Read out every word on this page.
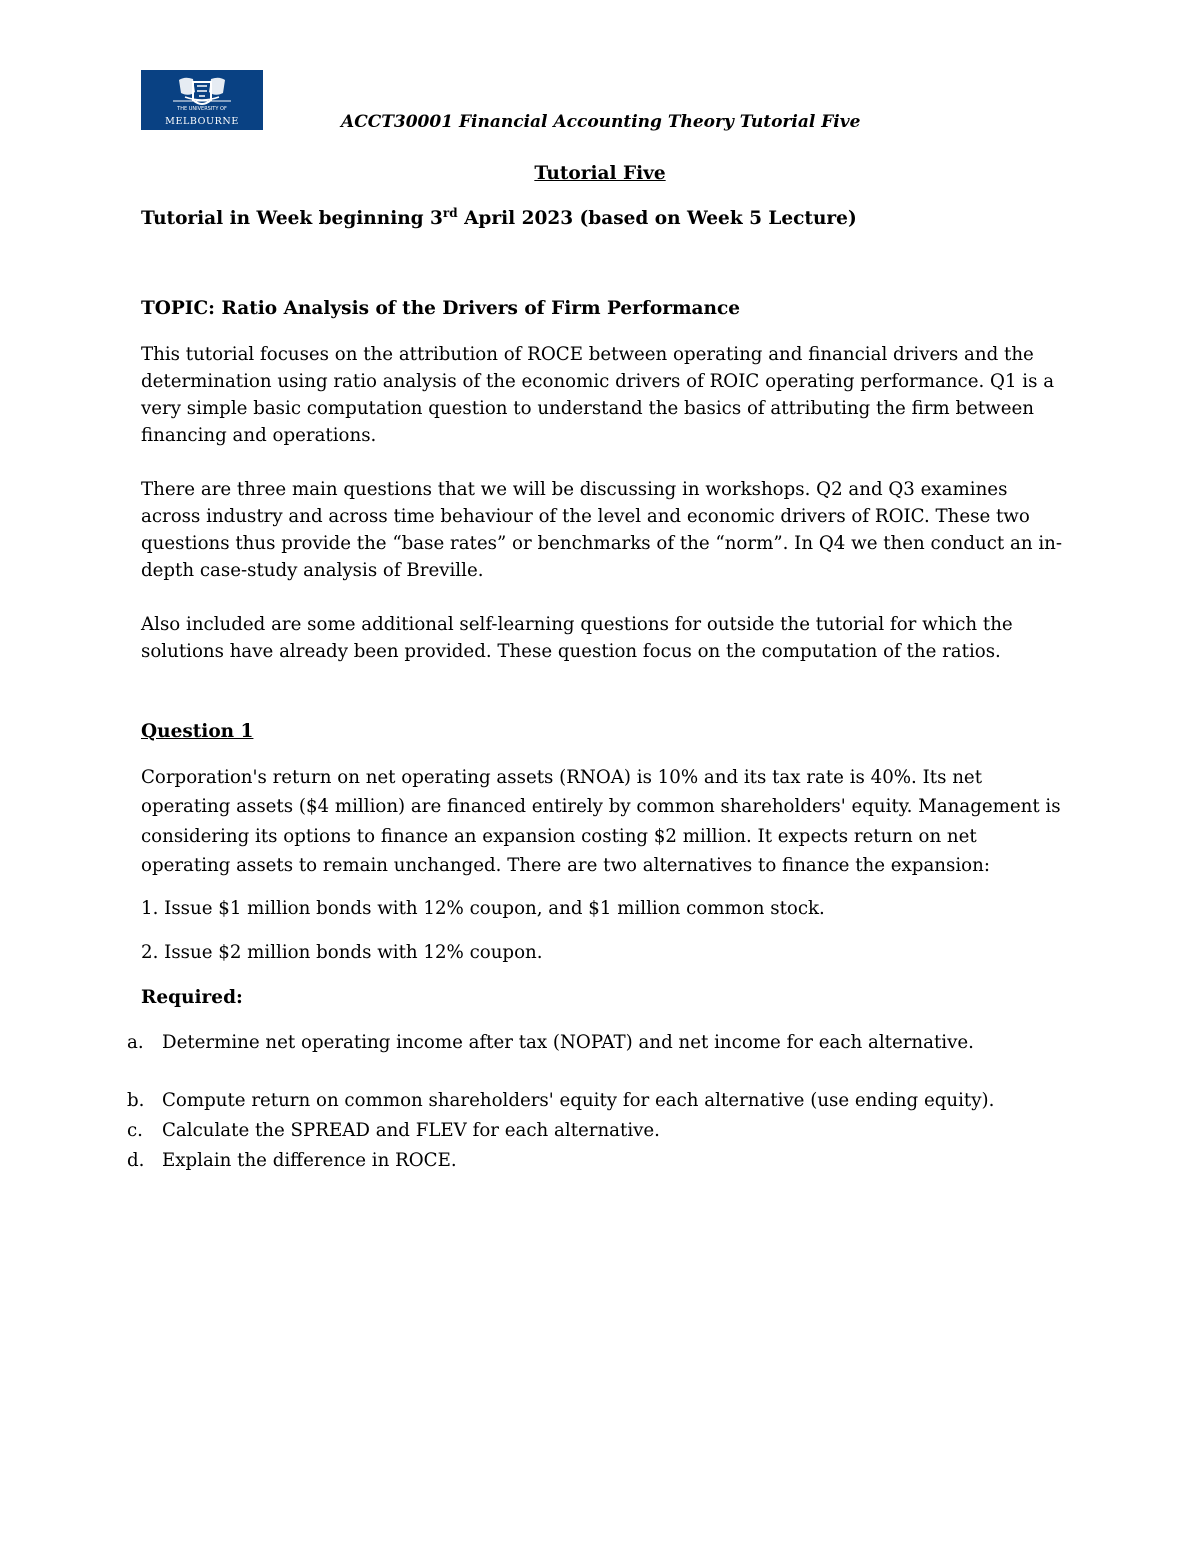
THE UNIVERSITY OF
MELBOURNE	ACCT30001 Financial Accounting Theory Tutorial Five
Tutorial Five
Tutorial in Week beginning 3rd April 2023 (based on Week 5 Lecture)
TOPIC: Ratio Analysis of the Drivers of Firm Performance

This tutorial focuses on the attribution of ROCE between operating and financial drivers and the determination using ratio analysis of the economic drivers of ROIC operating performance. Q1 is a very simple basic computation question to understand the basics of attributing the firm between financing and operations.

There are three main questions that we will be discussing in workshops. Q2 and Q3 examines across industry and across time behaviour of the level and economic drivers of ROIC. These two questions thus provide the “base rates” or benchmarks of the “norm”. In Q4 we then conduct an in-depth case-study analysis of Breville.

Also included are some additional self-learning questions for outside the tutorial for which the solutions have already been provided. These question focus on the computation of the ratios.

Question 1

Corporation's return on net operating assets (RNOA) is 10% and its tax rate is 40%. Its net operating assets ($4 million) are financed entirely by common shareholders' equity. Management is considering its options to finance an expansion costing $2 million. It expects return on net operating assets to remain unchanged. There are two alternatives to finance the expansion:

1. Issue $1 million bonds with 12% coupon, and $1 million common stock.
2. Issue $2 million bonds with 12% coupon.
Required:
a. Determine net operating income after tax (NOPAT) and net income for each alternative.
b. Compute return on common shareholders' equity for each alternative (use ending equity).
c. Calculate the SPREAD and FLEV for each alternative.
d. Explain the difference in ROCE.
